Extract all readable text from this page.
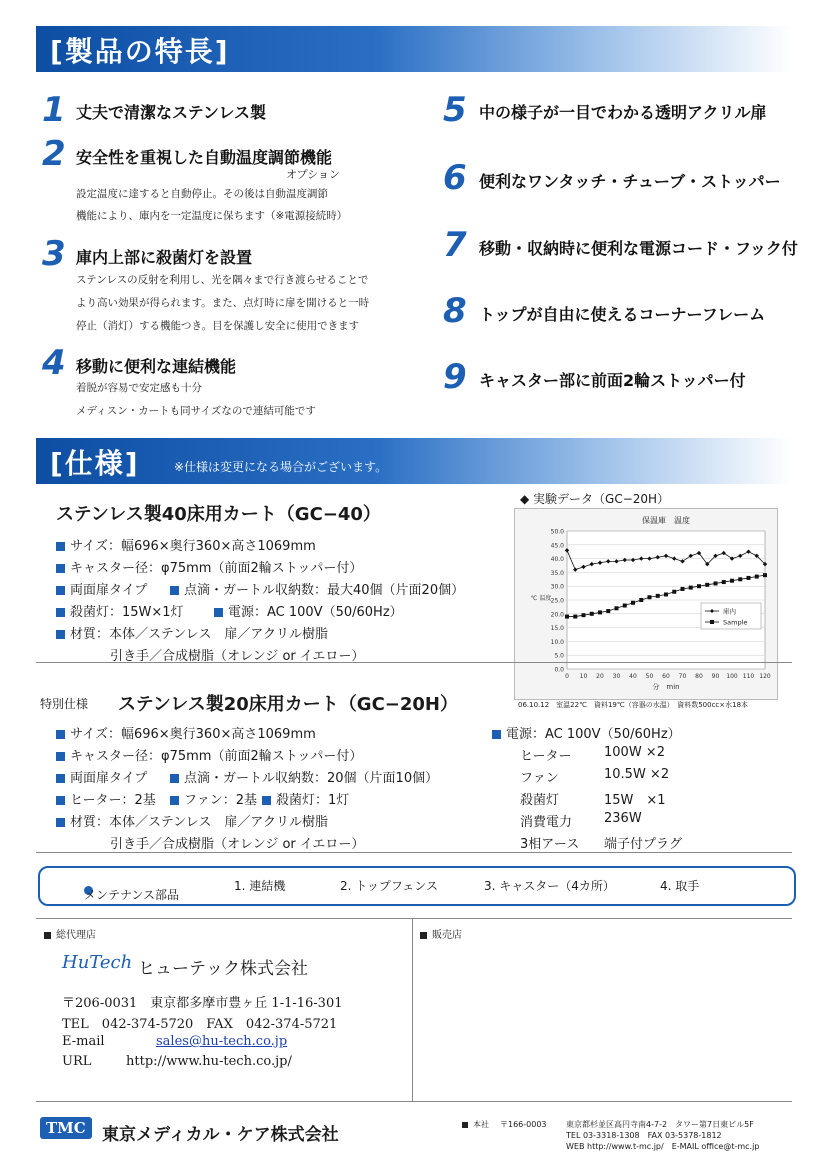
[製品の特長]
1 丈夫で清潔なステンレス製
2 安全性を重視した自動温度調節機能
オプション
設定温度に達すると自動停止。その後は自動温度調節
機能により、庫内を一定温度に保ちます（※電源接続時）
3 庫内上部に殺菌灯を設置
ステンレスの反射を利用し、光を隅々まで行き渡らせることで
より高い効果が得られます。また、点灯時に扉を開けると一時
停止（消灯）する機能つき。目を保護し安全に使用できます
4 移動に便利な連結機能
着脱が容易で安定感も十分
メディスン・カートも同サイズなので連結可能です
5 中の様子が一目でわかる透明アクリル扉
6 便利なワンタッチ・チューブ・ストッパー
7 移動・収納時に便利な電源コード・フック付
8 トップが自由に使えるコーナーフレーム
9 キャスター部に前面2輪ストッパー付
[仕様]	※仕様は変更になる場合がございます。
ステンレス製40床用カート（GC−40）
サイズ：幅696×奥行360×高さ1069mm
キャスター径：φ75mm（前面2輪ストッパー付）
両面扉タイプ	点滴・ガートル収納数：最大40個（片面20個）
殺菌灯：15W×1灯	電源：AC 100V（50/60Hz）
材質：本体／ステンレス　扉／アクリル樹脂
引き手／合成樹脂（オレンジ or イエロー）
◆ 実験データ（GC−20H）
保温庫　温度
0.0
5.0
10.0
15.0
20.0
25.0
30.0
35.0
40.0
45.0
50.0
0 10 20 30 40 50 60 70 80 90 100 110 120
分　min
℃ 温度
庫内
Sample
06.10.12　室温22℃　資料19℃（容器の水温）　資料数500cc×水18本
特別仕様 ステンレス製20床用カート（GC−20H）
サイズ：幅696×奥行360×高さ1069mm
キャスター径：φ75mm（前面2輪ストッパー付）
両面扉タイプ	点滴・ガートル収納数：20個（片面10個）
ヒーター：2基	ファン：2基	殺菌灯：1灯
材質：本体／ステンレス　扉／アクリル樹脂
引き手／合成樹脂（オレンジ or イエロー）
電源：AC 100V（50/60Hz）
ヒーター	100W ×2
ファン	10.5W ×2
殺菌灯	15W　×1
消費電力 236W
3相アース 端子付プラグ
メンテナンス部品
1. 連結機	2. トップフェンス	3. キャスター（4カ所）	4. 取手
総代理店	販売店
HuTech ヒューテック株式会社
〒206-0031　東京都多摩市豊ヶ丘 1-1-16-301
TEL　042-374-5720　FAX　042-374-5721
E-mail	sales@hu-tech.co.jp
URL	http://www.hu-tech.co.jp/
TMC 東京メディカル・ケア株式会社
本社 〒166-0003 東京都杉並区高円寺南4-7-2　タワー第7日東ビル5F
TEL 03-3318-1308　FAX 03-5378-1812
WEB http://www.t-mc.jp/　E-MAIL office@t-mc.jp
